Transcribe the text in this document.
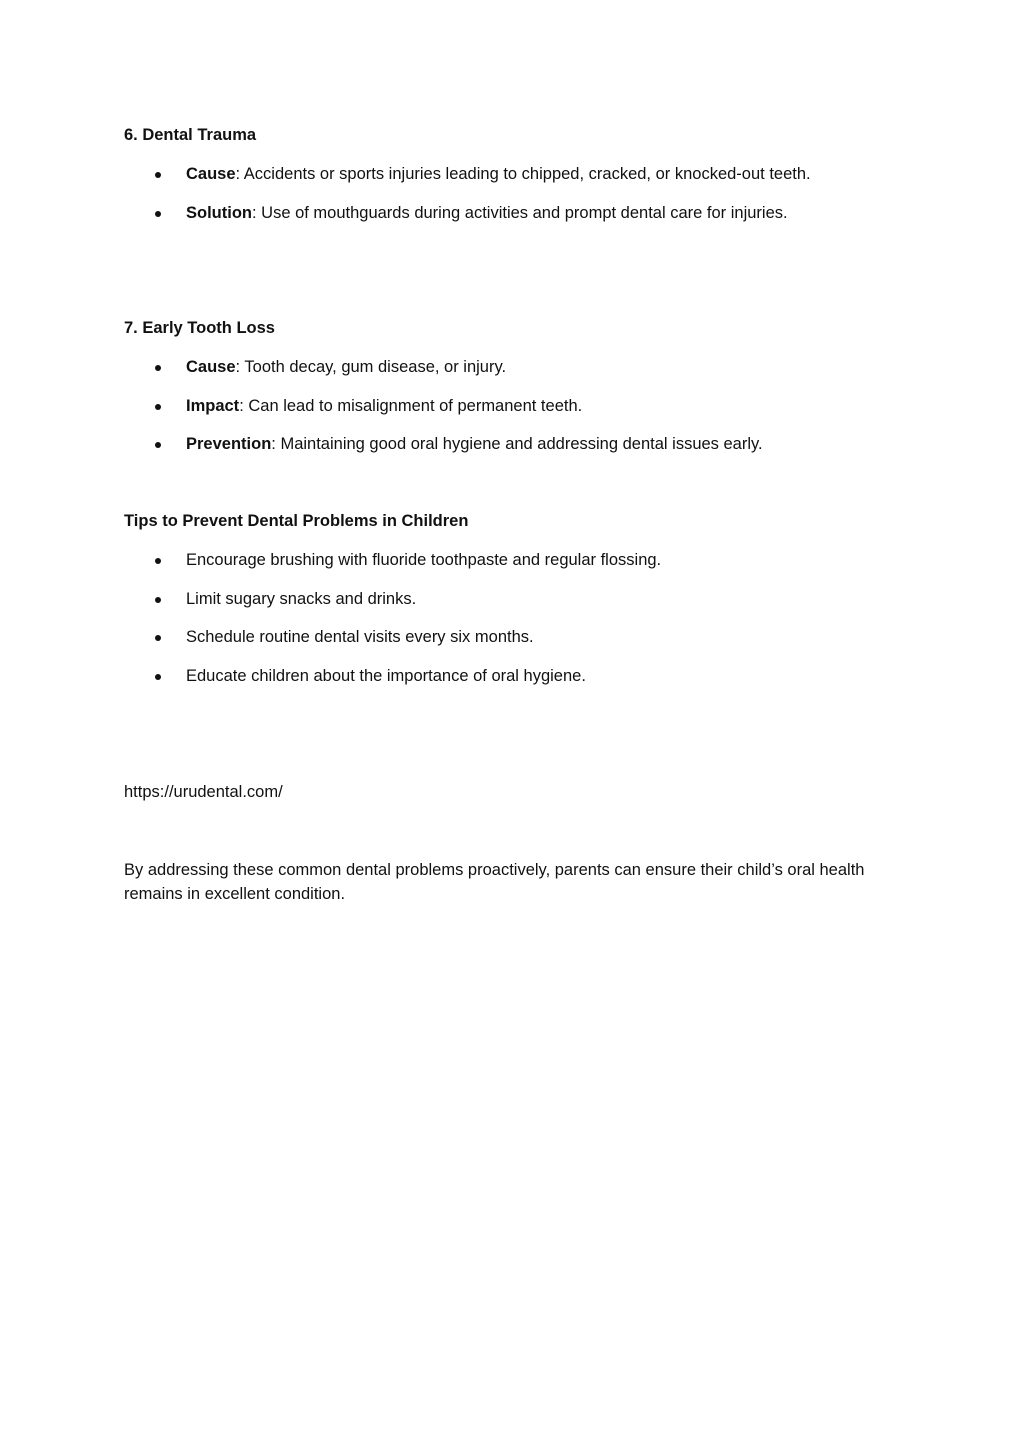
6. Dental Trauma
Cause: Accidents or sports injuries leading to chipped, cracked, or knocked-out teeth.
Solution: Use of mouthguards during activities and prompt dental care for injuries.
7. Early Tooth Loss
Cause: Tooth decay, gum disease, or injury.
Impact: Can lead to misalignment of permanent teeth.
Prevention: Maintaining good oral hygiene and addressing dental issues early.
Tips to Prevent Dental Problems in Children
Encourage brushing with fluoride toothpaste and regular flossing.
Limit sugary snacks and drinks.
Schedule routine dental visits every six months.
Educate children about the importance of oral hygiene.
https://urudental.com/
By addressing these common dental problems proactively, parents can ensure their child’s oral health remains in excellent condition.
